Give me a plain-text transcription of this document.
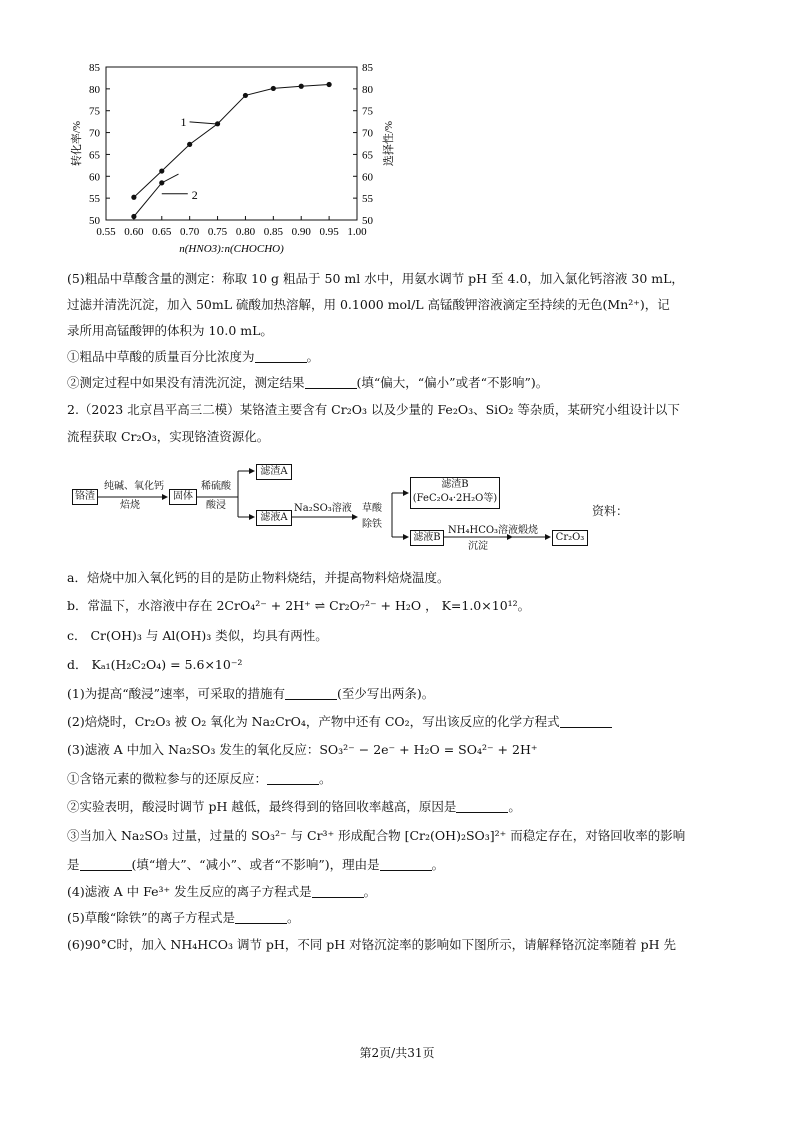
0.55 0.60 0.65 0.70 0.75 0.80 0.85 0.90 0.95 1.00
50	50
55	55
60	60
65	65
70	70
75	75
80	80
85	85
n(HNO3):n(CHOCHO)
转化率/%	选择性/%
1
2
(5)粗品中草酸含量的测定：称取 10 g 粗品于 50 ml 水中，用氨水调节 pH 至 4.0，加入氯化钙溶液 30 mL，
过滤并清洗沉淀，加入 50mL 硫酸加热溶解，用 0.1000 mol/L 高锰酸钾溶液滴定至持续的无色(Mn²⁺)，记
录所用高锰酸钾的体积为 10.0 mL。
①粗品中草酸的质量百分比浓度为	。
②测定过程中如果没有清洗沉淀，测定结果	(填“偏大，“偏小”或者“不影响”)。
2.（2023 北京昌平高三二模）某铬渣主要含有 Cr₂O₃ 以及少量的 Fe₂O₃、SiO₂ 等杂质，某研究小组设计以下
流程获取 Cr₂O₃，实现铬渣资源化。
铬渣
纯碱、氧化钙
焙烧
固体
稀硫酸
酸浸
滤渣A
滤液A
Na₂SO₃溶液 草酸
除铁
滤渣B
(FeC₂O₄·2H₂O等)
滤液B
NH₄HCO₃溶液
沉淀
煅烧
Cr₂O₃
资料：
a．焙烧中加入氧化钙的目的是防止物料烧结，并提高物料焙烧温度。
b．常温下，水溶液中存在 2CrO₄²⁻ + 2H⁺ ⇌ Cr₂O₇²⁻ + H₂O ， K=1.0×10¹²。
c． Cr(OH)₃ 与 Al(OH)₃ 类似，均具有两性。
d． Kₐ₁(H₂C₂O₄) = 5.6×10⁻²
(1)为提高“酸浸”速率，可采取的措施有	(至少写出两条)。
(2)焙烧时，Cr₂O₃ 被 O₂ 氧化为 Na₂CrO₄，产物中还有 CO₂，写出该反应的化学方程式
(3)滤液 A 中加入 Na₂SO₃ 发生的氧化反应：SO₃²⁻ − 2e⁻ + H₂O = SO₄²⁻ + 2H⁺
①含铬元素的微粒参与的还原反应：	。
②实验表明，酸浸时调节 pH 越低，最终得到的铬回收率越高，原因是	。
③当加入 Na₂SO₃ 过量，过量的 SO₃²⁻ 与 Cr³⁺ 形成配合物 [Cr₂(OH)₂SO₃]²⁺ 而稳定存在，对铬回收率的影响
是	(填“增大”、“减小”、或者“不影响”)，理由是	。
(4)滤液 A 中 Fe³⁺ 发生反应的离子方程式是	。
(5)草酸“除铁”的离子方程式是	。
(6)90°C时，加入 NH₄HCO₃ 调节 pH，不同 pH 对铬沉淀率的影响如下图所示，请解释铬沉淀率随着 pH 先
第2页/共31页
